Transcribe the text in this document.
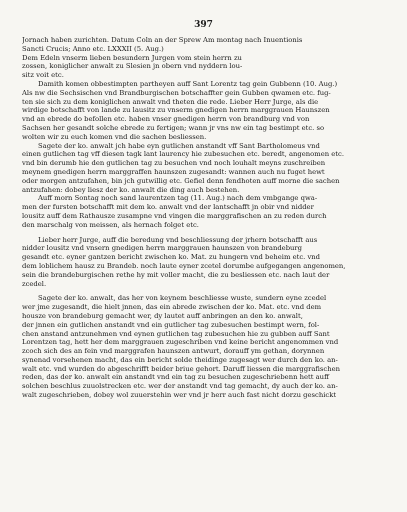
397
Jornach haben zurichten. Datum Coln an der Sprew Am montag nach Inuentionis
Sancti Crucis; Anno etc. LXXXII (5. Aug.)
Dem Edeln vnserm lieben besundern Jurgen vom stein herrn zu
zossen, koniglicher anwalt zu Slesien jn obern vnd nyddern lou-
sitz voit etc.
Damith komen obbestimpten partheyen auff Sant Lorentz tag gein Gubbenn (10. Aug.)
Als nw die Sechsischen vnd Brandburgischen botschaffter gein Gubben qwamen etc. fug-
ten sie sich zu dem koniglichen anwalt vnd theten die rede. Lieber Herr Jurge, als die
wirdige botschafft von lande zu lausitz zu vnserm gnedigen herrn marggrauen Haunszen
vnd an ebrede do befollen etc. haben vnser gnedigen herrn von brandburg vnd von
Sachsen her gesandt solche ebrede zu fertigen; wann jr vns nw ein tag bestimpt etc. so
wolten wir zu euch komen vnd die sachen besliessen.
Sagete der ko. anwalt jch habe eyn gutlichen anstandt vff Sant Bartholomeus vnd
einen gutlichen tag vff diesen tagk lant laurency hie zubesuchen etc. beredt, angenomen etc.
vnd bin derumb hie den gutlichen tag zu besuchen vnd noch louhalt meyns zuschreiben
meynem gnedigen herrn marggraffen haunszen zugesandt: wannen auch nu fuget hewt
oder morgen antzufahen, bin jch gutwillig etc. Gefiel denn fendhoten auff morne die sachen
antzufahen: dobey liesz der ko. anwalt die ding auch bestehen.
Auff morn Sontag noch sand laurentzen tag (11. Aug.) nach dem vmbgange qwa-
men der fursten botschafft mit dem ko. anwalt vnd der lantschafft jn obir vnd nidder
lousitz auff dem Rathausze zusampne vnd vingen die marggrafischen an zu reden durch
den marschalg von meissen, als hernach folget etc.
Lieber herr Jurge, auff die beredung vnd beschliessung der jrhern botschafft aus
nidder lousitz vnd vnsern gnedigen herrn marggrauen haunszen von brandeburg
gesandt etc. eyner gantzen bericht zwischen ko. Mat. zu hungern vnd beheim etc. vnd
dem loblichem hausz zu Brandeb. noch laute eyner zcetel dorumbe aufgegangen angenomen,
sein die brandeburgischen rethe hy mit voller macht, die zu besliessen etc. nach laut der
zcedel.
Sagete der ko. anwalt, das her von keynem beschliesse wuste, sundern eyne zcedel
wer jme zugesandt, die hielt jnnen, das ein abrede zwischen der ko. Mat. etc. vnd dem
housze von brandeburg gemacht wer, dy lautet auff anbringen an den ko. anwalt,
der jnnen ein gutlichen anstandt vnd ein gutlicher tag zubesuchen bestimpt wern, fol-
chen anstand antzunehmen vnd eynen gutlichen tag zubesuchen hie zu gubben auff Sant
Lorentzen tag, hett her dem marggrauen zugeschriben vnd keine bericht angenommen vnd
zcoch sich des an fein vnd marggrafen haunszen antwurt, dorauff ym gethan, dorynnen
synenad vorsehenen macht, das ein bericht solde theidinge zugesagt wer durch den ko. an-
walt etc. vnd wurden do abgeschrifft beider briue gehort. Daruff liessen die marggrafischen
reden, das der ko. anwalt ein anstandt vnd ein tag zu besuchen zugeschriebenn hett auff
solchen beschlus zuuolstrecken etc. wer der anstandt vnd tag gemacht, dy auch der ko. an-
walt zugeschrieben, dobey wol zuuerstehin wer vnd jr herr auch fast nicht dorzu geschickt
